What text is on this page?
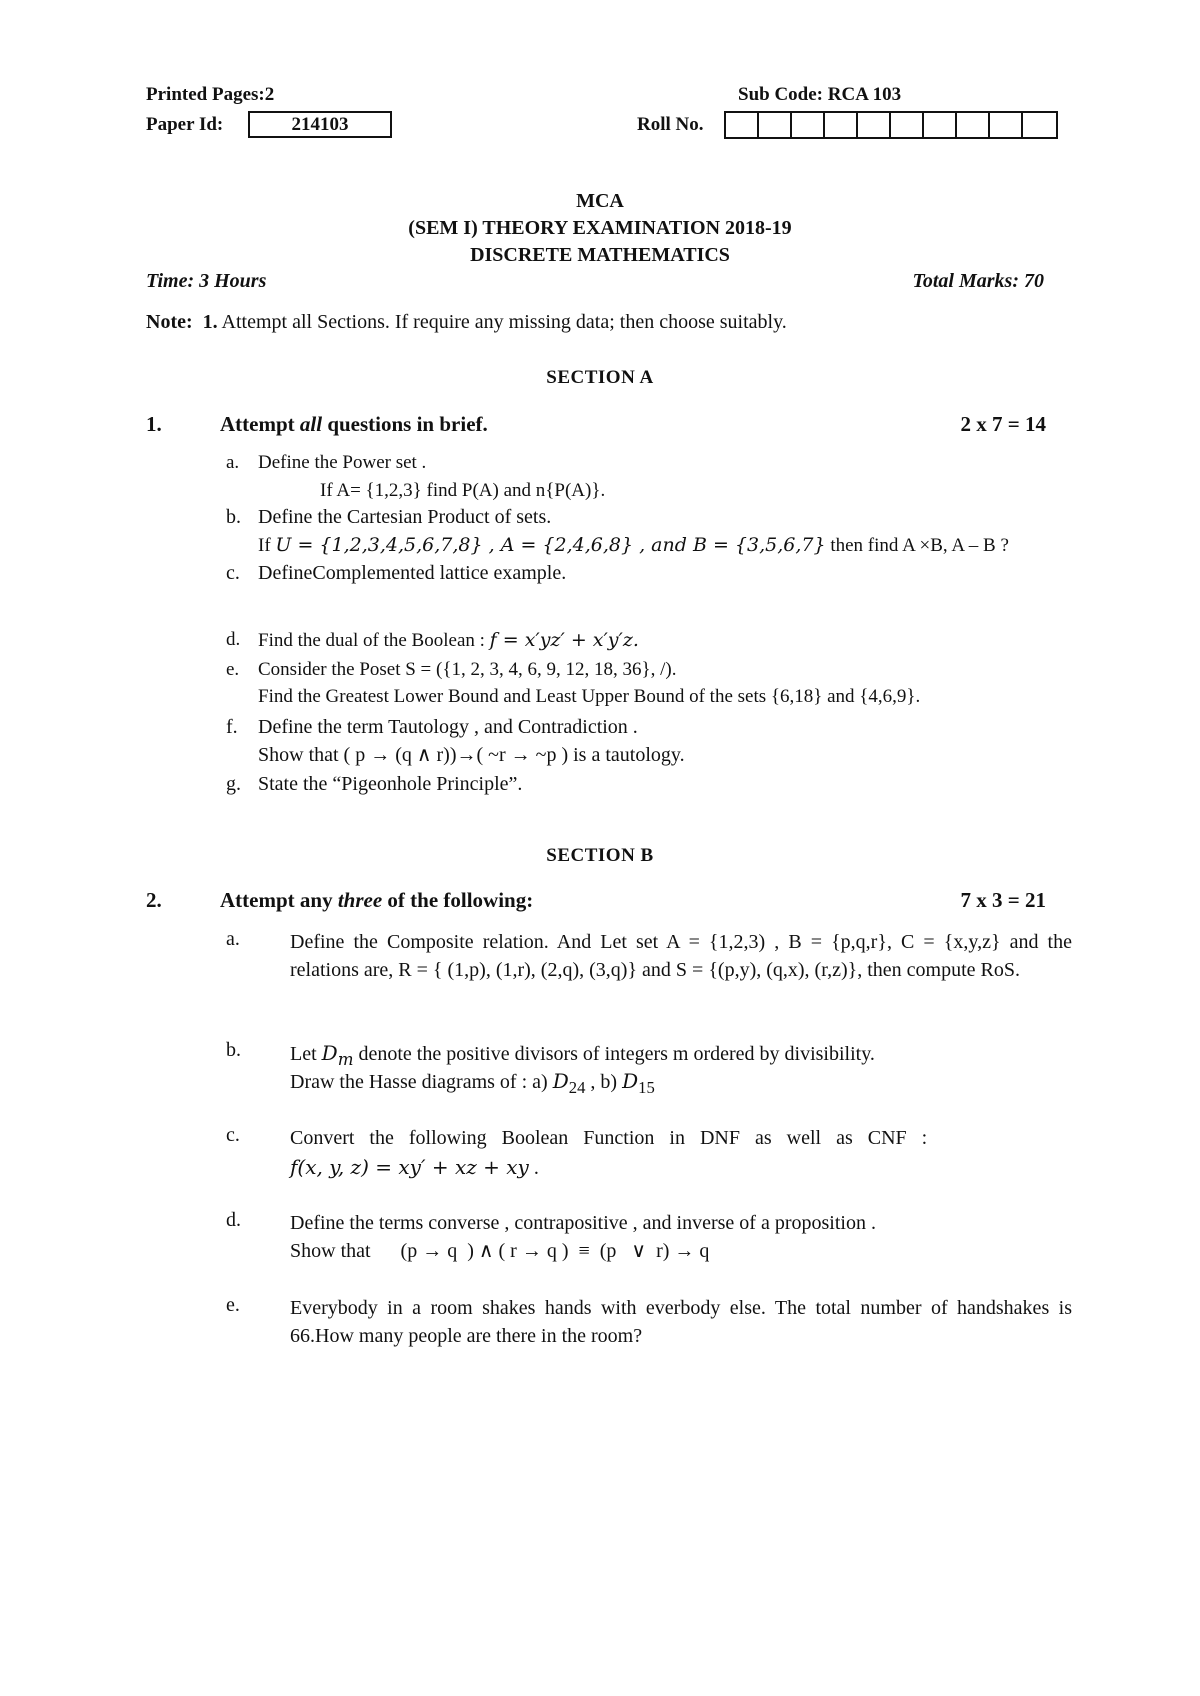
Printed Pages:2	Sub Code: RCA 103
Paper Id:	214103	Roll No.
MCA
(SEM I) THEORY EXAMINATION 2018-19
DISCRETE MATHEMATICS
Time: 3 Hours	Total Marks: 70
Note: 1. Attempt all Sections. If require any missing data; then choose suitably.
SECTION A
1.	Attempt all questions in brief.	2 x 7 = 14
a. Define the Power set .
If A= {1,2,3} find P(A) and n{P(A)}.
b. Define the Cartesian Product of sets.
If U = {1,2,3,4,5,6,7,8} , A = {2,4,6,8} , and B = {3,5,6,7} then find A ×B, A – B ?
c. DefineComplemented lattice example.
d. Find the dual of the Boolean : f = x′yz′ + x′y′z.
e. Consider the Poset S = ({1, 2, 3, 4, 6, 9, 12, 18, 36}, /).
Find the Greatest Lower Bound and Least Upper Bound of the sets {6,18} and {4,6,9}.
f. Define the term Tautology , and Contradiction .
Show that ( p → (q ∧ r))→( ~r → ~p ) is a tautology.
g. State the “Pigeonhole Principle”.
SECTION B
2.	Attempt any three of the following:	7 x 3 = 21
a.	Define the Composite relation. And Let set A = {1,2,3) , B = {p,q,r}, C = {x,y,z} and the relations are, R = { (1,p), (1,r), (2,q), (3,q)} and S = {(p,y), (q,x), (r,z)}, then compute RoS.
b. Let $D_m$ denote the positive divisors of integers m ordered by divisibility.
Draw the Hasse diagrams of : a) $D_{24}$ , b) $D_{15}$
c.	Convert   the   following   Boolean   Function   in   DNF   as   well   as   CNF   :
f(x, y, z) = xy′ + xz + xy .
d. Define the terms converse , contrapositive , and inverse of a proposition .
Show that      (p → q  ) ∧ ( r → q )  ≡  (p   ∨  r) → q
e.	Everybody in a room shakes hands with everbody else. The total number of handshakes is 66.How many people are there in the room?
